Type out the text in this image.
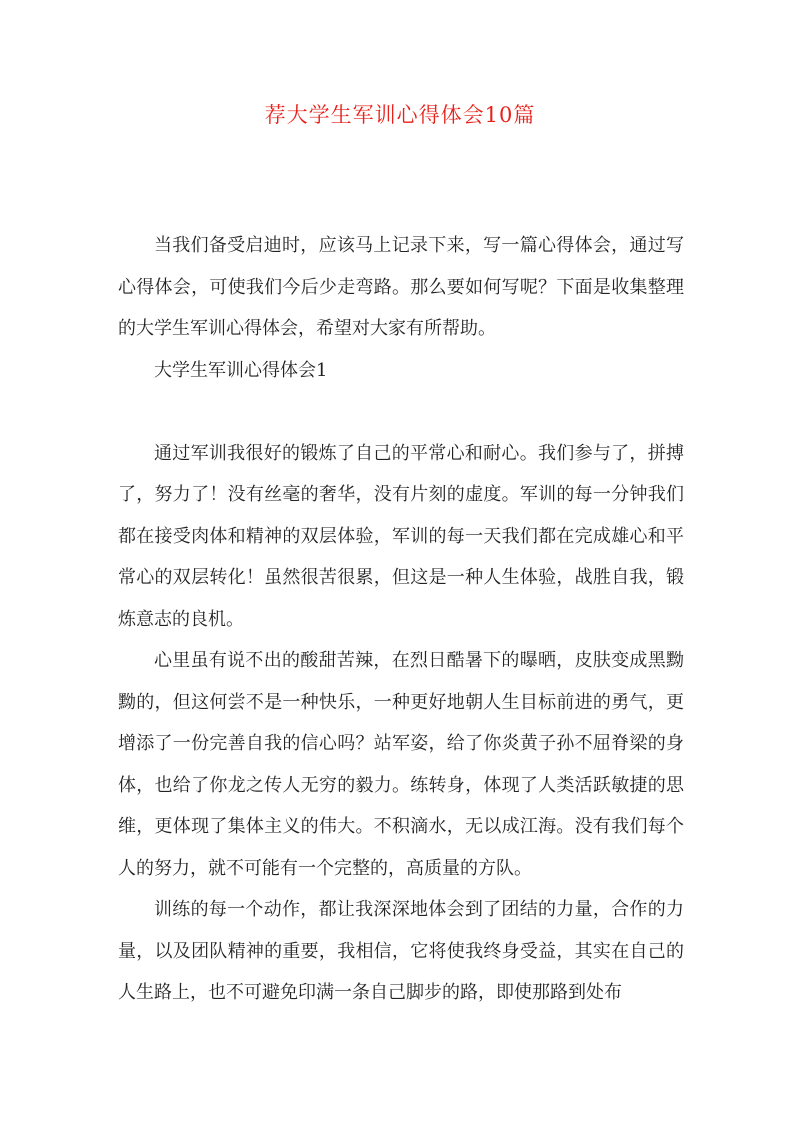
荐大学生军训心得体会10篇

当我们备受启迪时，应该马上记录下来，写一篇心得体会，通过写心得体会，可使我们今后少走弯路。那么要如何写呢？下面是收集整理的大学生军训心得体会，希望对大家有所帮助。

大学生军训心得体会1

通过军训我很好的锻炼了自己的平常心和耐心。我们参与了，拼搏了，努力了！没有丝毫的奢华，没有片刻的虚度。军训的每一分钟我们都在接受肉体和精神的双层体验，军训的每一天我们都在完成雄心和平常心的双层转化！虽然很苦很累，但这是一种人生体验，战胜自我，锻炼意志的良机。

心里虽有说不出的酸甜苦辣，在烈日酷暑下的曝晒，皮肤变成黑黝黝的，但这何尝不是一种快乐，一种更好地朝人生目标前进的勇气，更增添了一份完善自我的信心吗？站军姿，给了你炎黄子孙不屈脊梁的身体，也给了你龙之传人无穷的毅力。练转身，体现了人类活跃敏捷的思维，更体现了集体主义的伟大。不积滴水，无以成江海。没有我们每个人的努力，就不可能有一个完整的，高质量的方队。

训练的每一个动作，都让我深深地体会到了团结的力量，合作的力量，以及团队精神的重要，我相信，它将使我终身受益，其实在自己的人生路上，也不可避免印满一条自己脚步的路，即使那路到处布
